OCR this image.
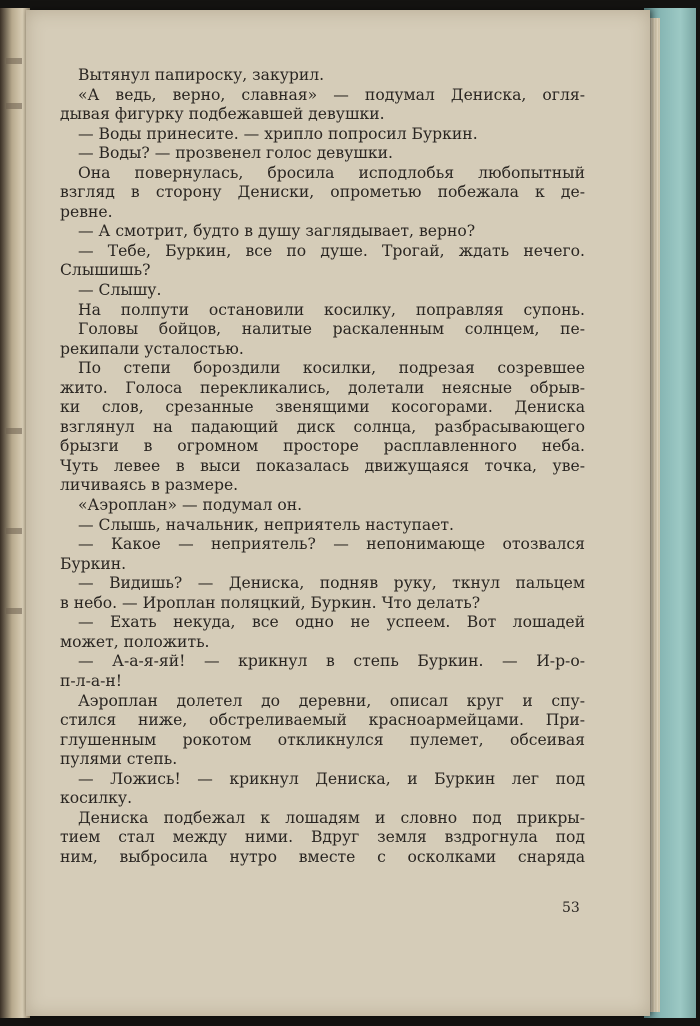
Вытянул папироску, закурил.
«А ведь, верно, славная» — подумал Дениска, огля-
дывая фигурку подбежавшей девушки.
— Воды принесите. — хрипло попросил Буркин.
— Воды? — прозвенел голос девушки.
Она повернулась, бросила исподлобья любопытный
взгляд в сторону Дениски, опрометью побежала к де-
ревне.
— А смотрит, будто в душу заглядывает, верно?
— Тебе, Буркин, все по душе. Трогай, ждать нечего.
Слышишь?
— Слышу.
На полпути остановили косилку, поправляя супонь.
Головы бойцов, налитые раскаленным солнцем, пе-
рекипали усталостью.
По степи бороздили косилки, подрезая созревшее
жито. Голоса перекликались, долетали неясные обрыв-
ки слов, срезанные звенящими косогорами. Дениска
взглянул на падающий диск солнца, разбрасывающего
брызги в огромном просторе расплавленного неба.
Чуть левее в выси показалась движущаяся точка, уве-
личиваясь в размере.
«Аэроплан» — подумал он.
— Слышь, начальник, неприятель наступает.
— Какое — неприятель? — непонимающе отозвался
Буркин.
— Видишь? — Дениска, подняв руку, ткнул пальцем
в небо. — Ироплан поляцкий, Буркин. Что делать?
— Ехать некуда, все одно не успеем. Вот лошадей
может, положить.
— А-а-я-яй! — крикнул в степь Буркин. — И-р-о-
п-л-а-н!
Аэроплан долетел до деревни, описал круг и спу-
стился ниже, обстреливаемый красноармейцами. При-
глушенным рокотом откликнулся пулемет, обсеивая
пулями степь.
— Ложись! — крикнул Дениска, и Буркин лег под
косилку.
Дениска подбежал к лошадям и словно под прикры-
тием стал между ними. Вдруг земля вздрогнула под
ним, выбросила нутро вместе с осколками снаряда
53
